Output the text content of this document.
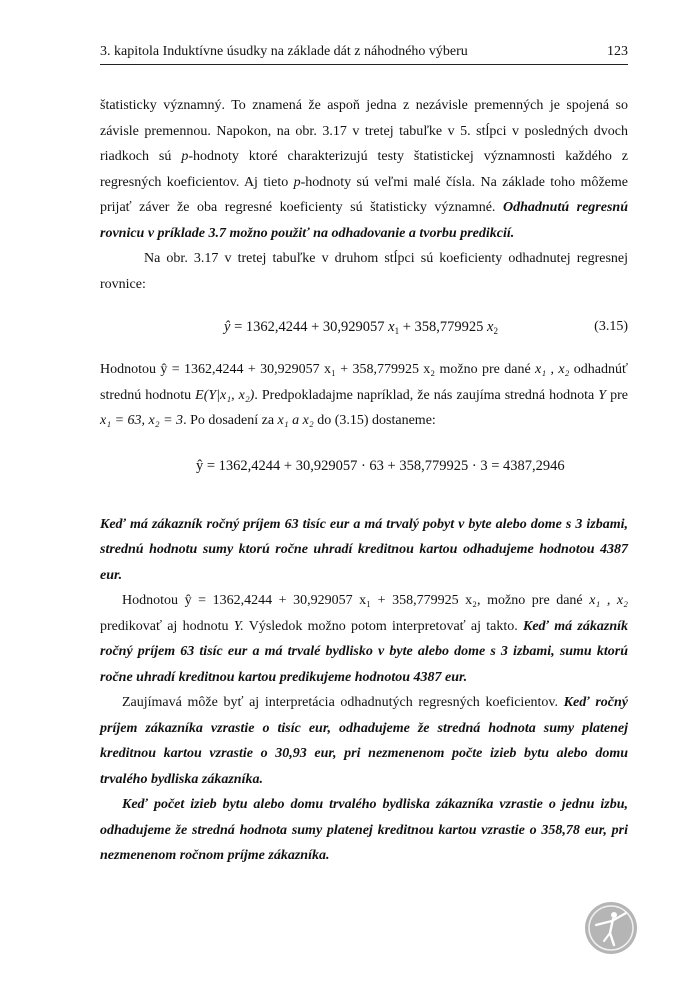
3. kapitola Induktívne úsudky na základe dát z náhodného výberu	123

štatisticky významný. To znamená že aspoň jedna z nezávisle premenných je spojená so závisle premennou. Napokon, na obr. 3.17 v tretej tabuľke v 5. stĺpci v posledných dvoch riadkoch sú p-hodnoty ktoré charakterizujú testy štatistickej významnosti každého z regresných koeficientov. Aj tieto p-hodnoty sú veľmi malé čísla. Na základe toho môžeme prijať záver že oba regresné koeficienty sú štatisticky významné. Odhadnutú regresnú rovnicu v príklade 3.7 možno použiť na odhadovanie a tvorbu predikcií.

Na obr. 3.17 v tretej tabuľke v druhom stĺpci sú koeficienty odhadnutej regresnej rovnice:

ŷ = 1362,4244 + 30,929057 $x_1 + 358,779925$ $x_2$	(3.15)

Hodnotou ŷ = 1362,4244 + 30,929057 x₁ + 358,779925 x₂ možno pre dané x₁ , x₂ odhadnúť strednú hodnotu E(Y|x₁, x₂). Predpokladajme napríklad, že nás zaujíma stredná hodnota Y pre x₁ = 63, x₂ = 3. Po dosadení za x₁ a x₂ do (3.15) dostaneme:

ŷ = 1362,4244 + 30,929057 · 63 + 358,779925 · 3 = 4387,2946

Keď má zákazník ročný príjem 63 tisíc eur a má trvalý pobyt v byte alebo dome s 3 izbami, strednú hodnotu sumy ktorú ročne uhradí kreditnou kartou odhadujeme hodnotou 4387 eur.

Hodnotou ŷ = 1362,4244 + 30,929057 x₁ + 358,779925 x₂, možno pre dané x₁ , x₂ predikovať aj hodnotu Y. Výsledok možno potom interpretovať aj takto. Keď má zákazník ročný príjem 63 tisíc eur a má trvalé bydlisko v byte alebo dome s 3 izbami, sumu ktorú ročne uhradí kreditnou kartou predikujeme hodnotou 4387 eur.

Zaujímavá môže byť aj interpretácia odhadnutých regresných koeficientov. Keď ročný príjem zákazníka vzrastie o tisíc eur, odhadujeme že stredná hodnota sumy platenej kreditnou kartou vzrastie o 30,93 eur, pri nezmenenom počte izieb bytu alebo domu trvalého bydliska zákazníka.

Keď počet izieb bytu alebo domu trvalého bydliska zákazníka vzrastie o jednu izbu, odhadujeme že stredná hodnota sumy platenej kreditnou kartou vzrastie o 358,78 eur, pri nezmenenom ročnom príjme zákazníka.
